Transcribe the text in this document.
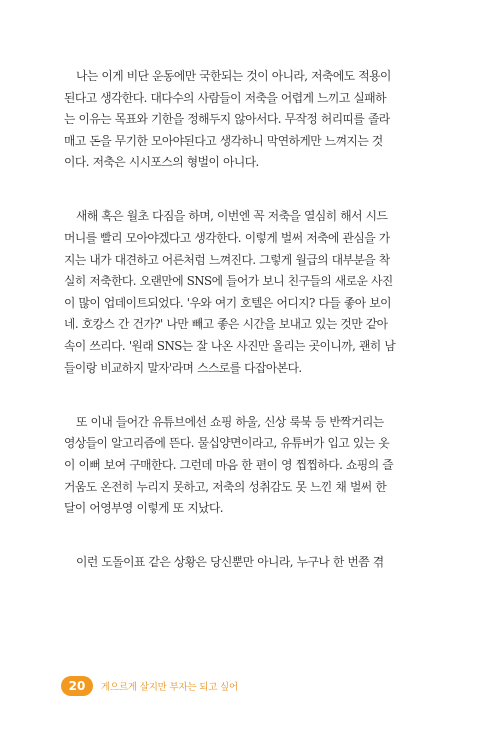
나는 이게 비단 운동에만 국한되는 것이 아니라, 저축에도 적용이
된다고 생각한다. 대다수의 사람들이 저축을 어렵게 느끼고 실패하
는 이유는 목표와 기한을 정해두지 않아서다. 무작정 허리띠를 졸라
매고 돈을 무기한 모아야된다고 생각하니 막연하게만 느껴지는 것
이다. 저축은 시시포스의 형벌이 아니다.
새해 혹은 월초 다짐을 하며, 이번엔 꼭 저축을 열심히 해서 시드
머니를 빨리 모아야겠다고 생각한다. 이렇게 벌써 저축에 관심을 가
지는 내가 대견하고 어른처럼 느껴진다. 그렇게 월급의 대부분을 착
실히 저축한다. 오랜만에 SNS에 들어가 보니 친구들의 새로운 사진
이 많이 업데이트되었다. '우와 여기 호텔은 어디지? 다들 좋아 보이
네. 호캉스 간 건가?' 나만 빼고 좋은 시간을 보내고 있는 것만 같아
속이 쓰리다. '원래 SNS는 잘 나온 사진만 올리는 곳이니까, 괜히 남
들이랑 비교하지 말자'라며 스스로를 다잡아본다.
또 이내 들어간 유튜브에선 쇼핑 하울, 신상 룩북 등 반짝거리는
영상들이 알고리즘에 뜬다. 물십양면이라고, 유튜버가 입고 있는 옷
이 이뻐 보여 구매한다. 그런데 마음 한 편이 영 찝찝하다. 쇼핑의 즐
거움도 온전히 누리지 못하고, 저축의 성취감도 못 느낀 채 벌써 한
달이 어영부영 이렇게 또 지났다.
이런 도돌이표 같은 상황은 당신뿐만 아니라, 누구나 한 번쯤 겪
20	게으르게 살지만 부자는 되고 싶어
